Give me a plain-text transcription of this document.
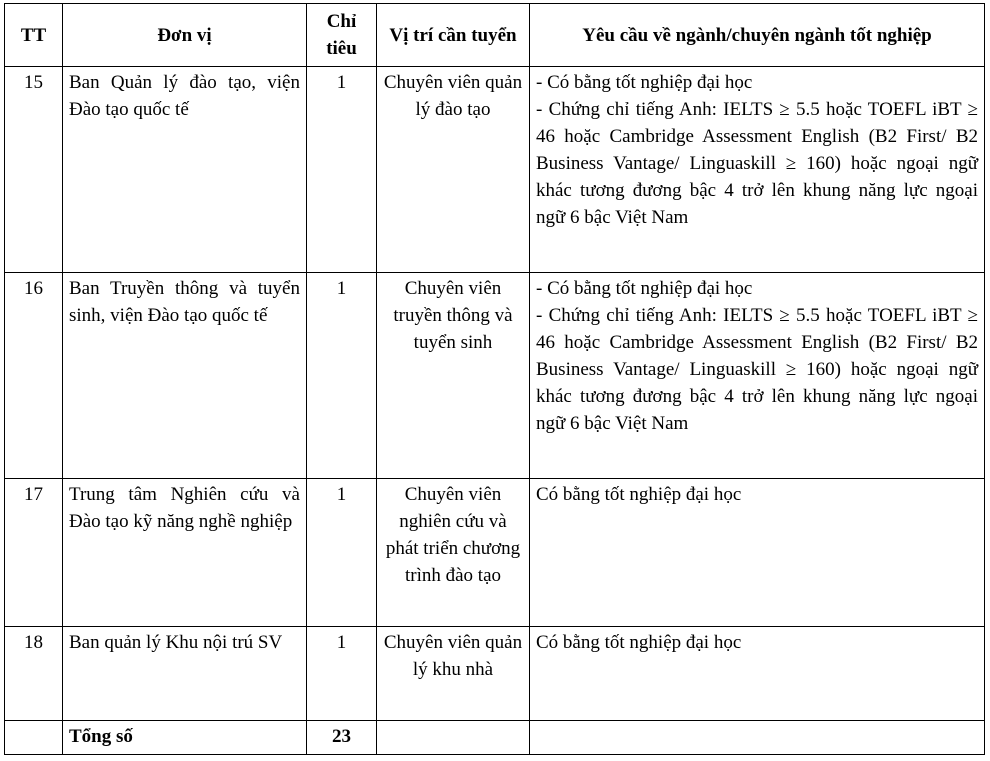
TT	Đơn vị	Chỉ tiêu	Vị trí cần tuyển	Yêu cầu về ngành/chuyên ngành tốt nghiệp
15	Ban Quản lý đào tạo, viện Đào tạo quốc tế	1	Chuyên viên quản lý đào tạo	- Có bằng tốt nghiệp đại học

- Chứng chỉ tiếng Anh: IELTS ≥ 5.5 hoặc TOEFL iBT ≥ 46 hoặc Cambridge Assessment English (B2 First/ B2 Business Vantage/ Linguaskill ≥ 160) hoặc ngoại ngữ khác tương đương bậc 4 trở lên khung năng lực ngoại ngữ 6 bậc Việt Nam

16	Ban Truyền thông và tuyển sinh, viện Đào tạo quốc tế	1	Chuyên viên truyền thông và tuyển sinh	- Có bằng tốt nghiệp đại học

- Chứng chỉ tiếng Anh: IELTS ≥ 5.5 hoặc TOEFL iBT ≥ 46 hoặc Cambridge Assessment English (B2 First/ B2 Business Vantage/ Linguaskill ≥ 160) hoặc ngoại ngữ khác tương đương bậc 4 trở lên khung năng lực ngoại ngữ 6 bậc Việt Nam

17	Trung tâm Nghiên cứu và Đào tạo kỹ năng nghề nghiệp	1	Chuyên viên nghiên cứu và phát triển chương trình đào tạo	Có bằng tốt nghiệp đại học

18	Ban quản lý Khu nội trú SV	1	Chuyên viên quản lý khu nhà	Có bằng tốt nghiệp đại học

	Tổng số	23		
